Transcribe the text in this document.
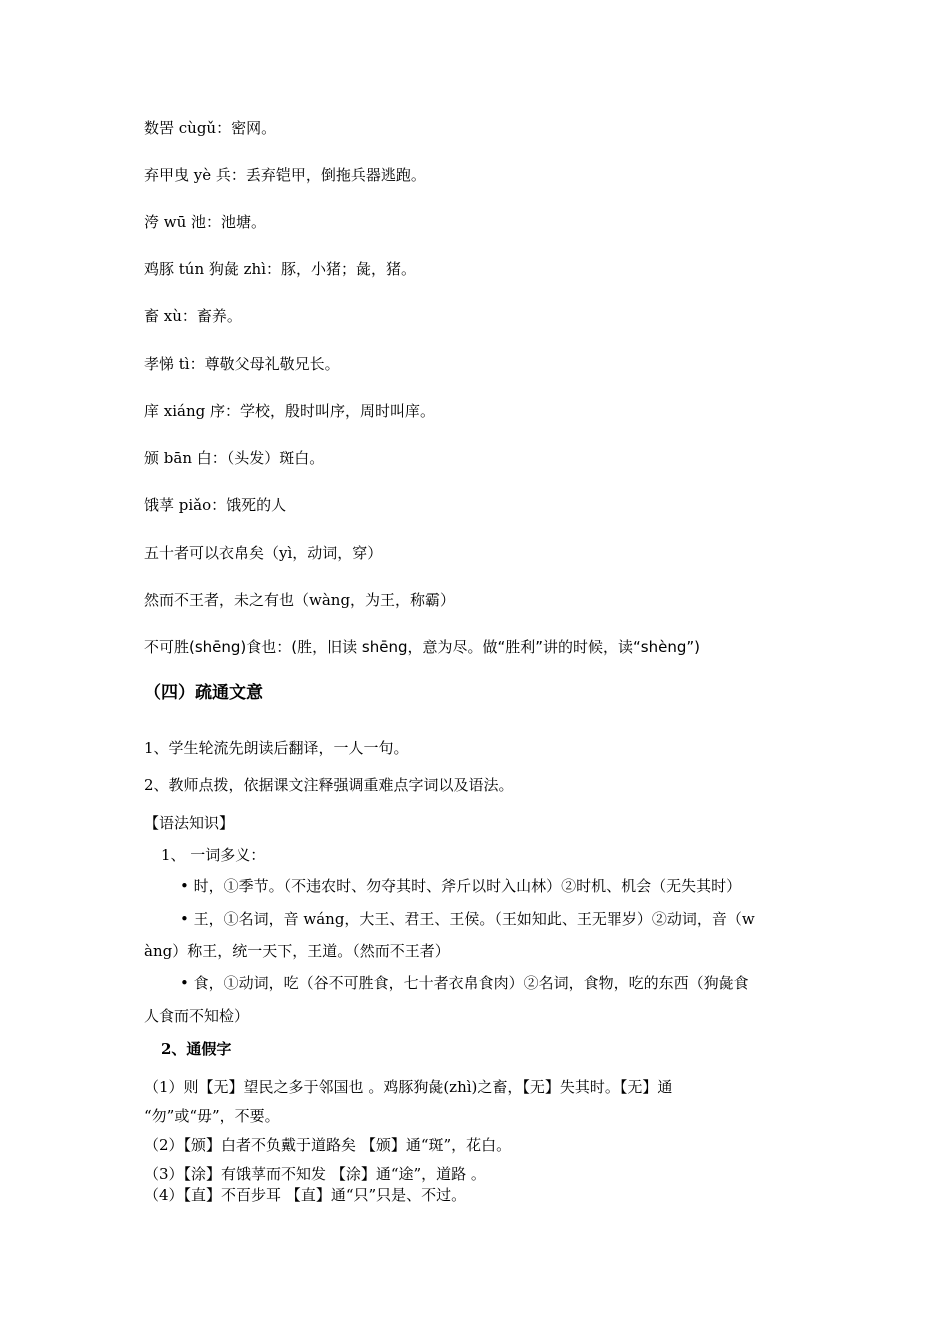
数罟 cùgǔ：密网。
弃甲曳 yè 兵：丢弃铠甲，倒拖兵器逃跑。
洿 wū 池：池塘。
鸡豚 tún 狗彘 zhì：豚，小猪；彘，猪。
畜 xù：畜养。
孝悌 tì：尊敬父母礼敬兄长。
庠 xiáng 序：学校，殷时叫序，周时叫庠。
颁 bān 白：（头发）斑白。
饿莩 piǎo：饿死的人
五十者可以衣帛矣（yì，动词，穿）
然而不王者，未之有也（wàng，为王，称霸）
不可胜(shēng)食也：(胜，旧读 shēng，意为尽。做“胜利”讲的时候，读“shèng”)
（四）疏通文意
1、学生轮流先朗读后翻译，一人一句。
2、教师点拨，依据课文注释强调重难点字词以及语法。
【语法知识】
1、 一词多义：
• 时，①季节。（不违农时、勿夺其时、斧斤以时入山林）②时机、机会（无失其时）
• 王，①名词，音 wáng，大王、君王、王侯。（王如知此、王无罪岁）②动词，音（w
àng）称王，统一天下，王道。（然而不王者）
• 食，①动词，吃（谷不可胜食，七十者衣帛食肉）②名词，食物，吃的东西（狗彘食
人食而不知检）
2、通假字
（1）则【无】望民之多于邻国也 。鸡豚狗彘(zhì)之畜，【无】失其时。【无】通
“勿”或“毋”，不要。
（2）【颁】白者不负戴于道路矣 【颁】通“斑”，花白。
（3）【涂】有饿莩而不知发 【涂】通“途”，道路 。
（4）【直】不百步耳 【直】通“只”只是、不过。
